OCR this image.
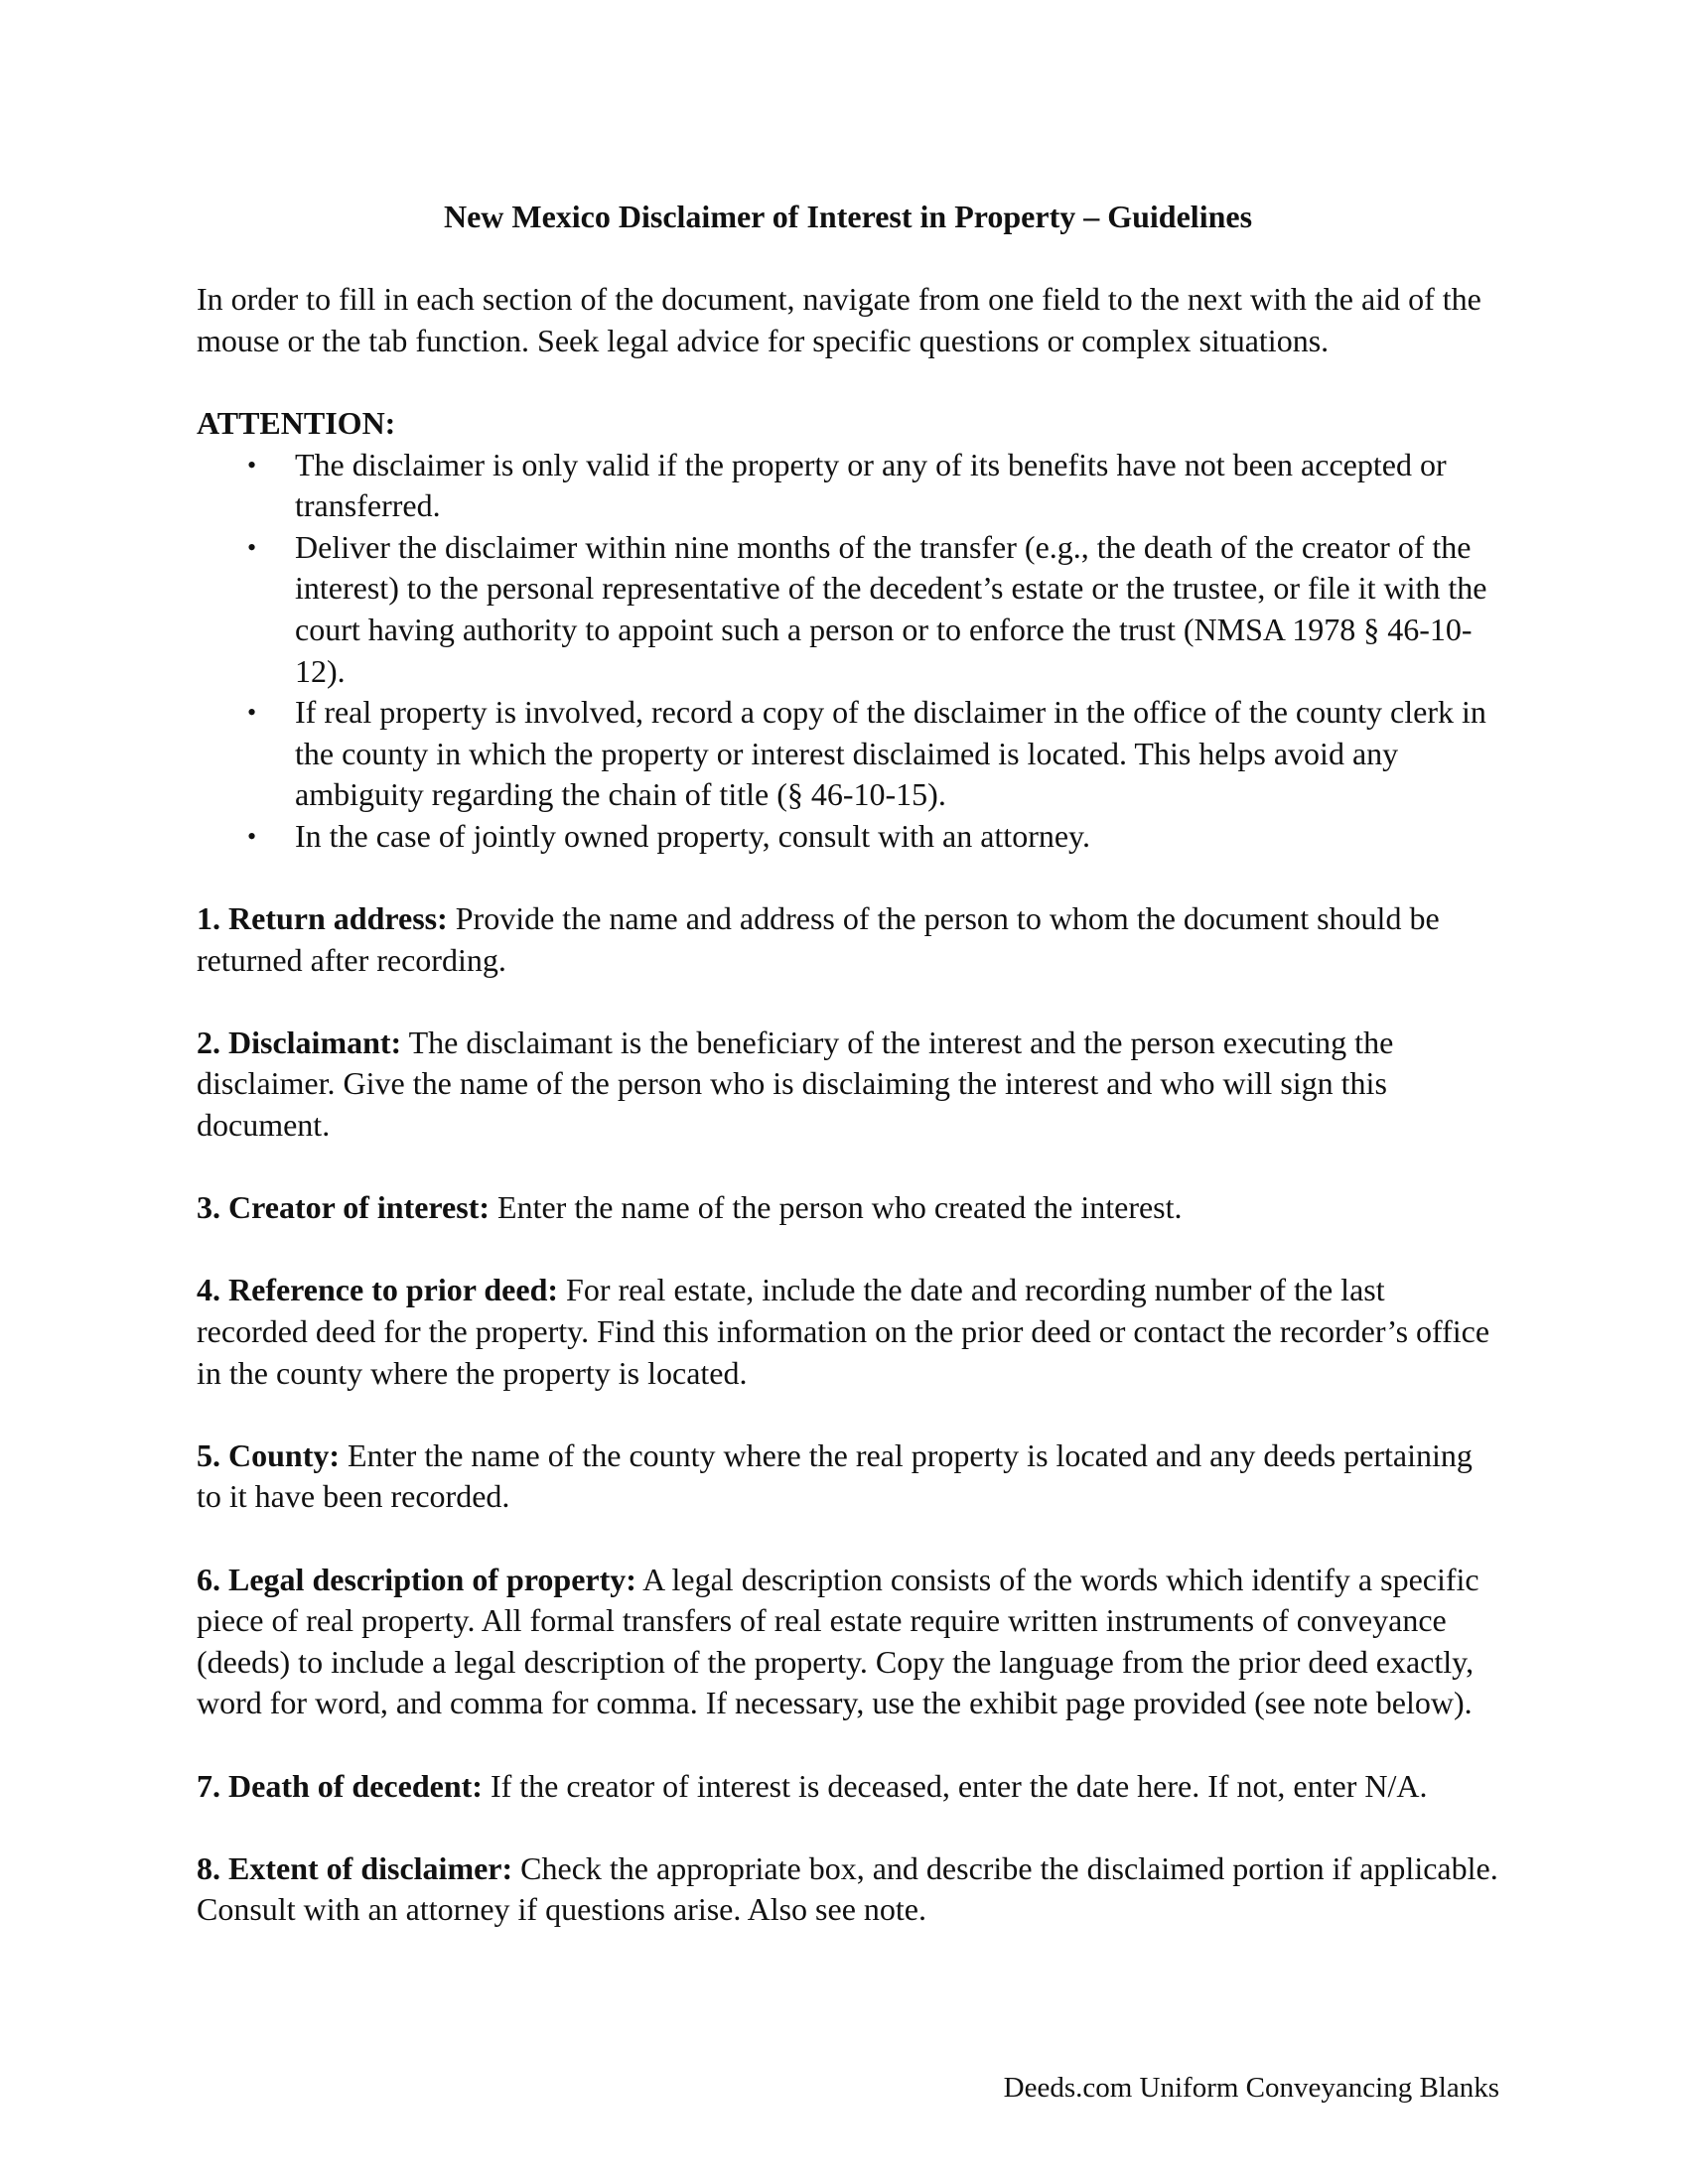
New Mexico Disclaimer of Interest in Property – Guidelines

In order to fill in each section of the document, navigate from one field to the next with the aid of the mouse or the tab function. Seek legal advice for specific questions or complex situations.

ATTENTION:

• The disclaimer is only valid if the property or any of its benefits have not been accepted or transferred.
• Deliver the disclaimer within nine months of the transfer (e.g., the death of the creator of the interest) to the personal representative of the decedent’s estate or the trustee, or file it with the court having authority to appoint such a person or to enforce the trust (NMSA 1978 § 46-10-12).
• If real property is involved, record a copy of the disclaimer in the office of the county clerk in the county in which the property or interest disclaimed is located. This helps avoid any ambiguity regarding the chain of title (§ 46-10-15).
• In the case of jointly owned property, consult with an attorney.

1. Return address: Provide the name and address of the person to whom the document should be returned after recording.

2. Disclaimant: The disclaimant is the beneficiary of the interest and the person executing the disclaimer. Give the name of the person who is disclaiming the interest and who will sign this document.

3. Creator of interest: Enter the name of the person who created the interest.

4. Reference to prior deed: For real estate, include the date and recording number of the last recorded deed for the property. Find this information on the prior deed or contact the recorder’s office in the county where the property is located.

5. County: Enter the name of the county where the real property is located and any deeds pertaining to it have been recorded.

6. Legal description of property: A legal description consists of the words which identify a specific piece of real property. All formal transfers of real estate require written instruments of conveyance (deeds) to include a legal description of the property. Copy the language from the prior deed exactly, word for word, and comma for comma. If necessary, use the exhibit page provided (see note below).

7. Death of decedent: If the creator of interest is deceased, enter the date here. If not, enter N/A.

8. Extent of disclaimer: Check the appropriate box, and describe the disclaimed portion if applicable. Consult with an attorney if questions arise. Also see note.

Deeds.com Uniform Conveyancing Blanks
